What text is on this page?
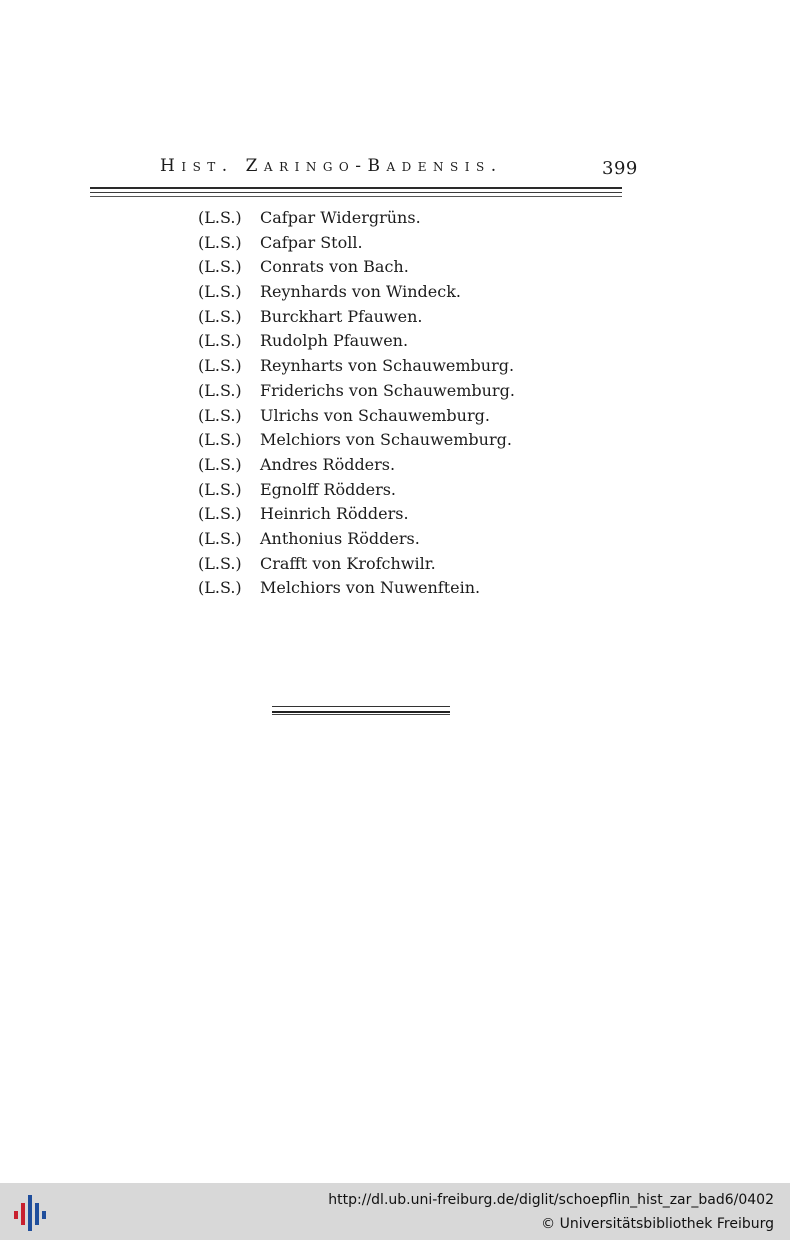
Hist. Zaringo-Badensis.	399
(L.S.) Cafpar Widergrüns.
(L.S.) Cafpar Stoll.
(L.S.) Conrats von Bach.
(L.S.) Reynhards von Windeck.
(L.S.) Burckhart Pfauwen.
(L.S.) Rudolph Pfauwen.
(L.S.) Reynharts von Schauwemburg.
(L.S.) Friderichs von Schauwemburg.
(L.S.) Ulrichs von Schauwemburg.
(L.S.) Melchiors von Schauwemburg.
(L.S.) Andres Rödders.
(L.S.) Egnolff Rödders.
(L.S.) Heinrich Rödders.
(L.S.) Anthonius Rödders.
(L.S.) Crafft von Krofchwilr.
(L.S.) Melchiors von Nuwenftein.
http://dl.ub.uni-freiburg.de/diglit/schoepflin_hist_zar_bad6/0402
© Universitätsbibliothek Freiburg
